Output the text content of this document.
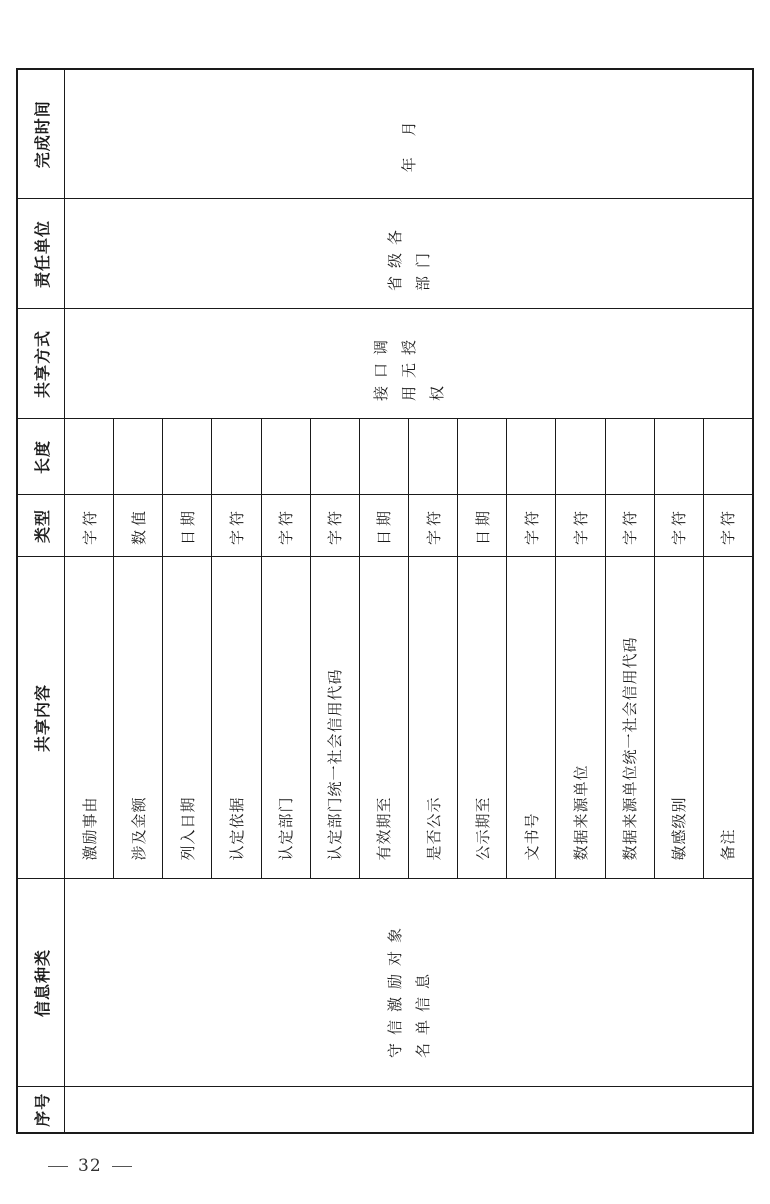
序号	信息种类	共享内容	类型	长度	共享方式	责任单位	完成时间
	守信激励对象名单信息	激励事由	字符		接口调用无授权	省级各部门	年 月
		涉及金额	数值				
		列入日期	日期				
		认定依据	字符				
		认定部门	字符				
		认定部门统一社会信用代码	字符				
		有效期至	日期				
		是否公示	字符				
		公示期至	日期				
		文书号	字符				
		数据来源单位	字符				
		数据来源单位统一社会信用代码	字符				
		敏感级别	字符				
		备注	字符				
32
